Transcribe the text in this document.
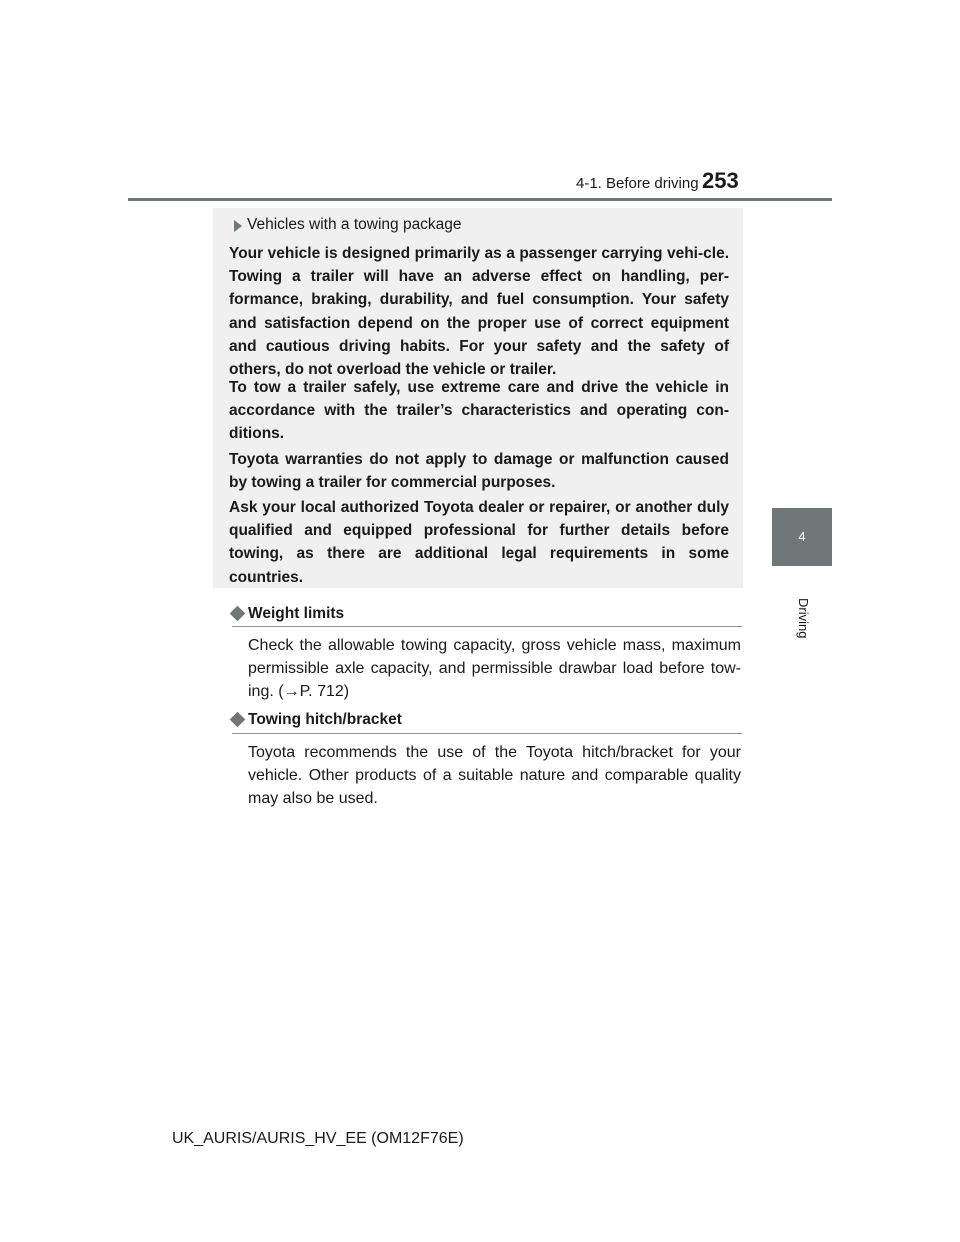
4-1. Before driving 253
4
Driving
Vehicles with a towing package

Your vehicle is designed primarily as a passenger carrying vehi-cle. Towing a trailer will have an adverse effect on handling, per-formance, braking, durability, and fuel consumption. Your safety and satisfaction depend on the proper use of correct equipment and cautious driving habits. For your safety and the safety of others, do not overload the vehicle or trailer.

To tow a trailer safely, use extreme care and drive the vehicle in accordance with the trailer’s characteristics and operating con-ditions.

Toyota warranties do not apply to damage or malfunction caused by towing a trailer for commercial purposes.

Ask your local authorized Toyota dealer or repairer, or another duly qualified and equipped professional for further details before towing, as there are additional legal requirements in some countries.

Weight limits

Check the allowable towing capacity, gross vehicle mass, maximum permissible axle capacity, and permissible drawbar load before tow-ing. (→P. 712)

Towing hitch/bracket

Toyota recommends the use of the Toyota hitch/bracket for your vehicle. Other products of a suitable nature and comparable quality may also be used.

UK_AURIS/AURIS_HV_EE (OM12F76E)
